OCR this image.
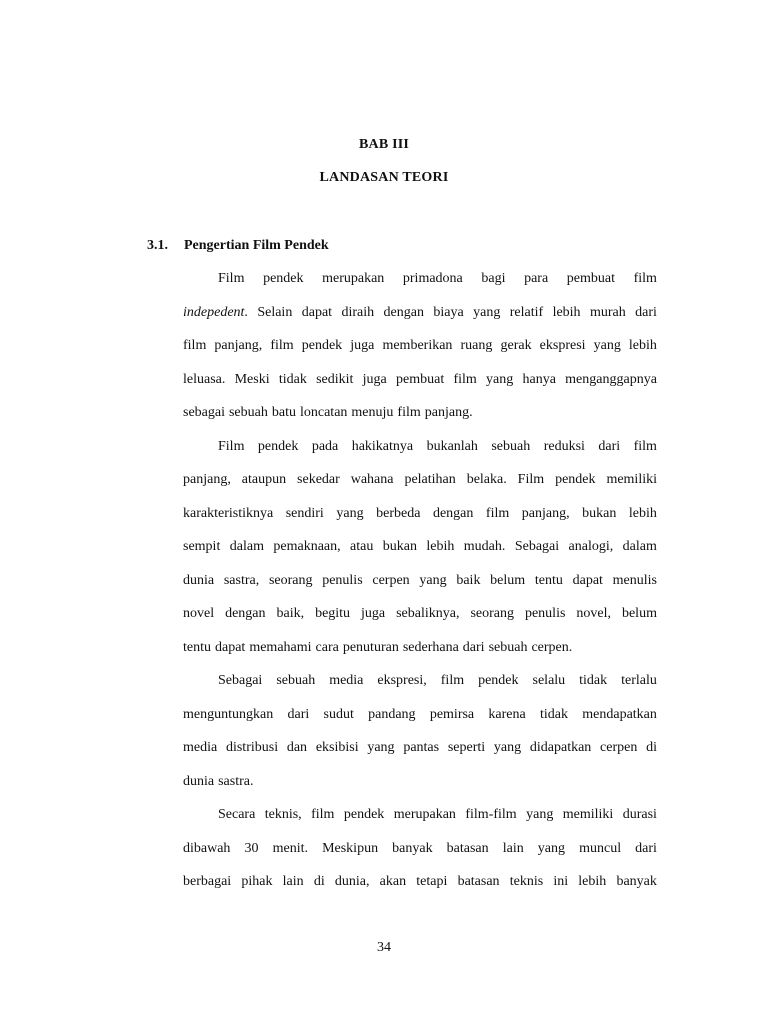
BAB III
LANDASAN TEORI
3.1. Pengertian Film Pendek
Film pendek merupakan primadona bagi para pembuat film
indepedent. Selain dapat diraih dengan biaya yang relatif lebih murah dari
film panjang, film pendek juga memberikan ruang gerak ekspresi yang lebih
leluasa. Meski tidak sedikit juga pembuat film yang hanya menganggapnya
sebagai sebuah batu loncatan menuju film panjang.
Film pendek pada hakikatnya bukanlah sebuah reduksi dari film
panjang, ataupun sekedar wahana pelatihan belaka. Film pendek memiliki
karakteristiknya sendiri yang berbeda dengan film panjang, bukan lebih
sempit dalam pemaknaan, atau bukan lebih mudah. Sebagai analogi, dalam
dunia sastra, seorang penulis cerpen yang baik belum tentu dapat menulis
novel dengan baik, begitu juga sebaliknya, seorang penulis novel, belum
tentu dapat memahami cara penuturan sederhana dari sebuah cerpen.
Sebagai sebuah media ekspresi, film pendek selalu tidak terlalu
menguntungkan dari sudut pandang pemirsa karena tidak mendapatkan
media distribusi dan eksibisi yang pantas seperti yang didapatkan cerpen di
dunia sastra.
Secara teknis, film pendek merupakan film-film yang memiliki durasi
dibawah 30 menit. Meskipun banyak batasan lain yang muncul dari
berbagai pihak lain di dunia, akan tetapi batasan teknis ini lebih banyak
34
